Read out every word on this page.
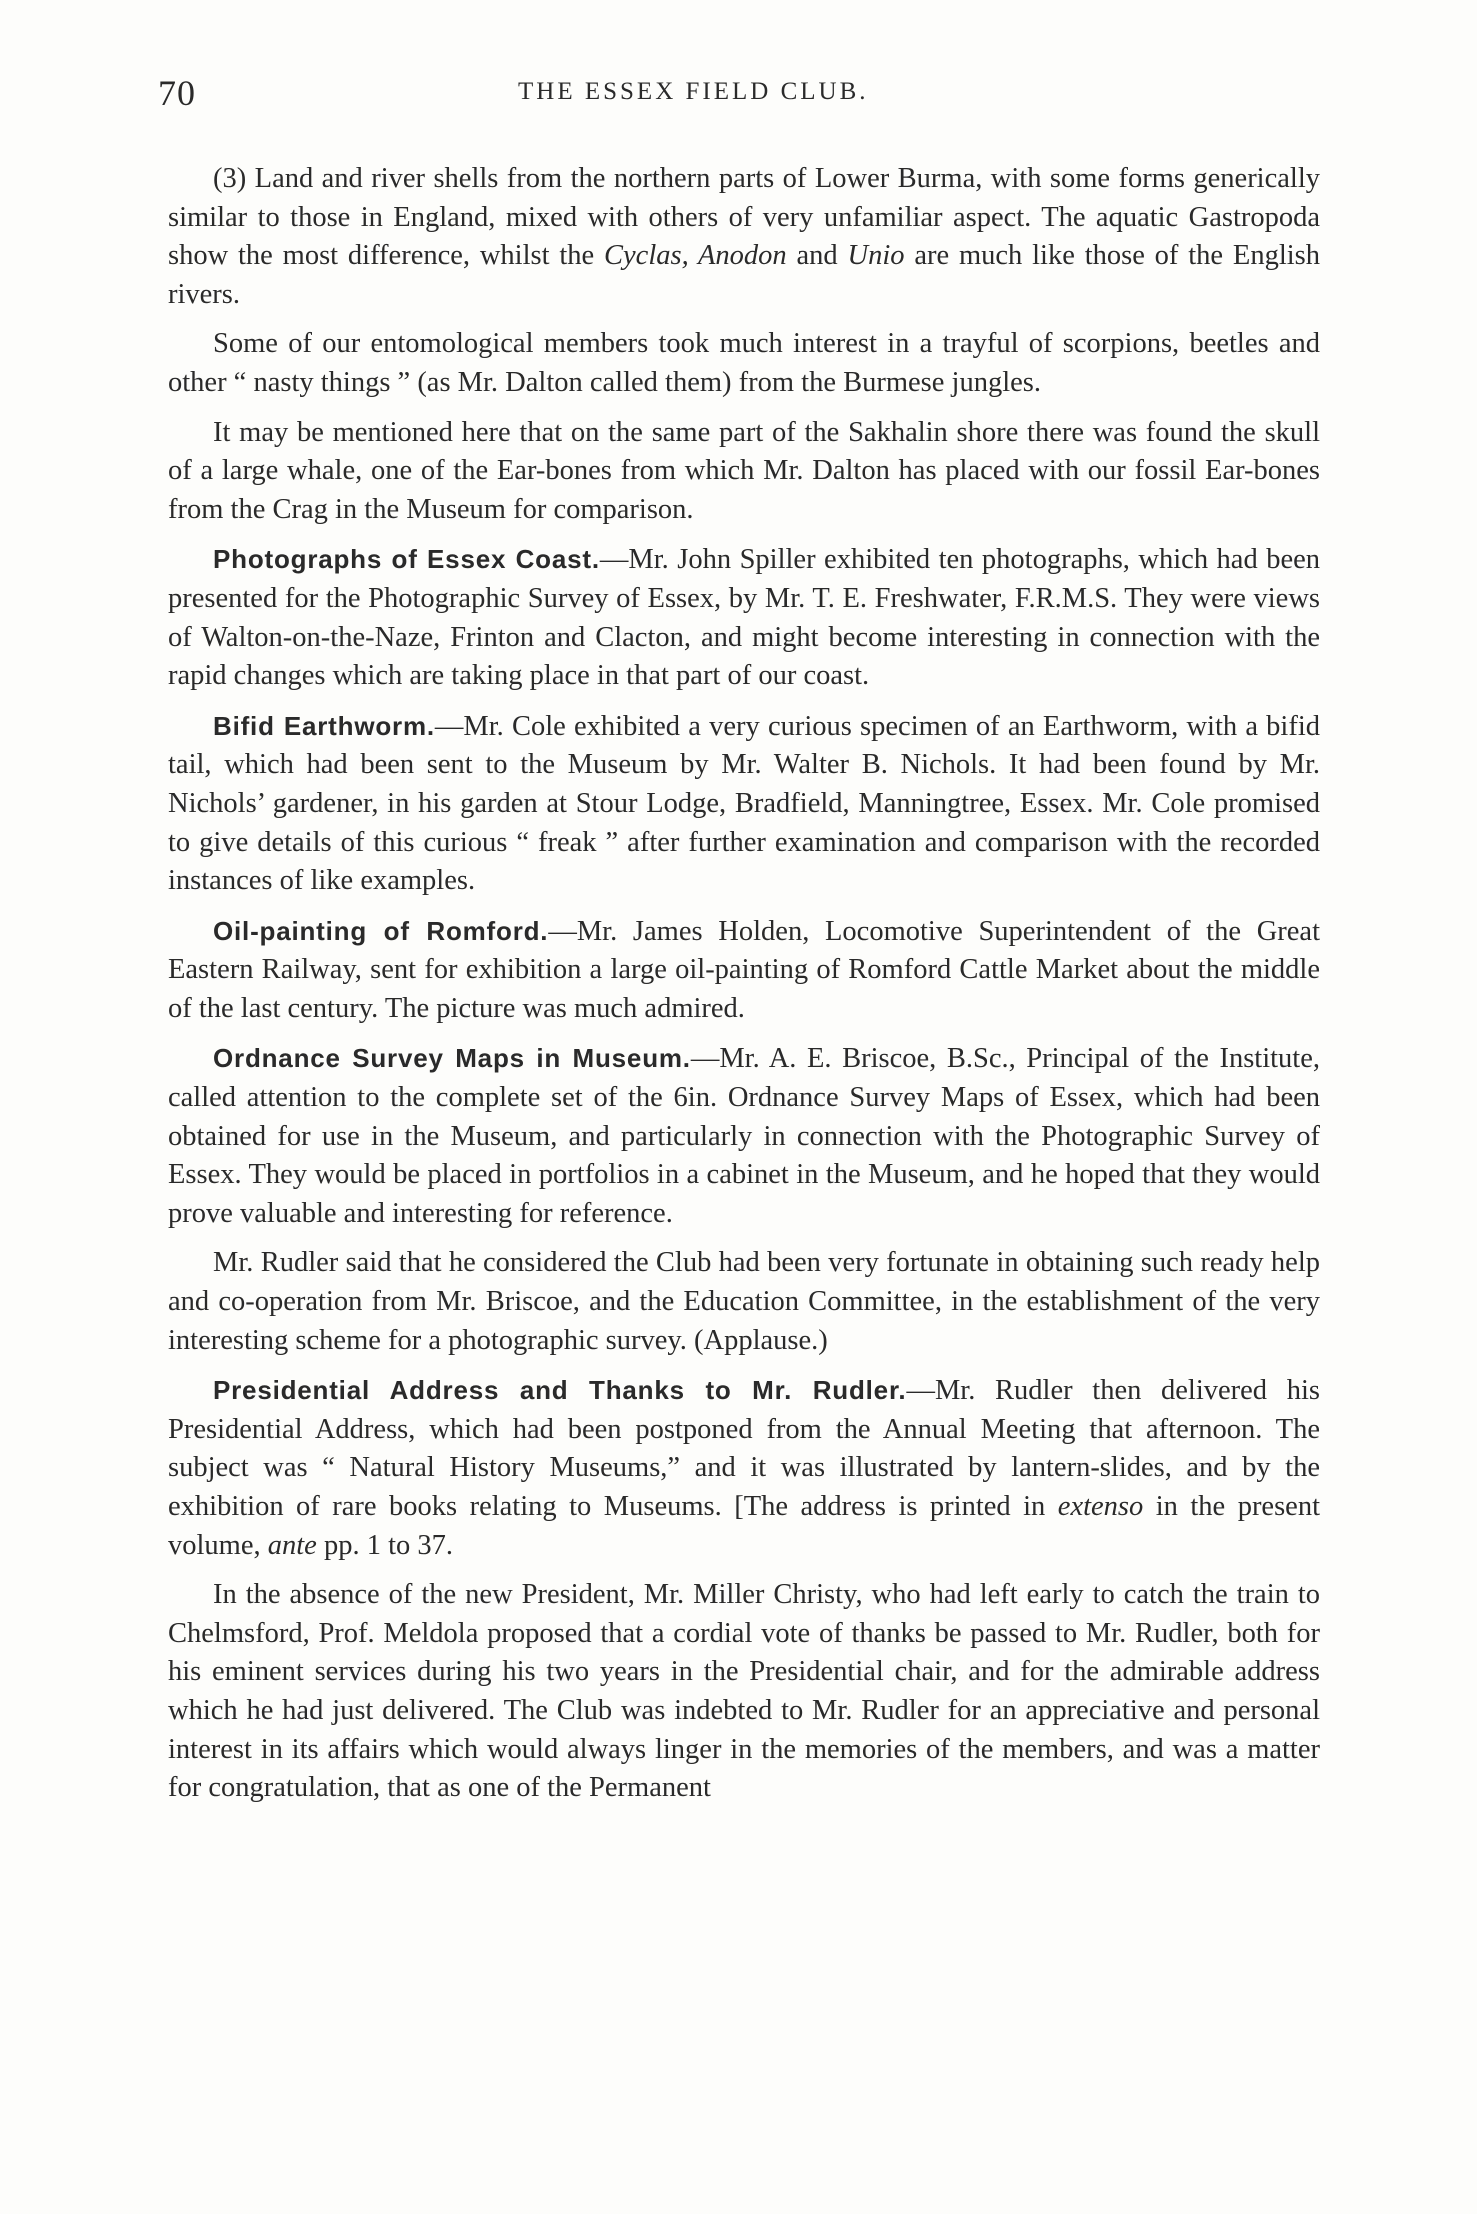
70	THE ESSEX FIELD CLUB.

(3) Land and river shells from the northern parts of Lower Burma, with some forms generically similar to those in England, mixed with others of very unfamiliar aspect. The aquatic Gastropoda show the most difference, whilst the Cyclas, Anodon and Unio are much like those of the English rivers.

Some of our entomological members took much interest in a trayful of scorpions, beetles and other “ nasty things ” (as Mr. Dalton called them) from the Burmese jungles.

It may be mentioned here that on the same part of the Sakhalin shore there was found the skull of a large whale, one of the Ear-bones from which Mr. Dalton has placed with our fossil Ear-bones from the Crag in the Museum for comparison.

Photographs of Essex Coast.—Mr. John Spiller exhibited ten photographs, which had been presented for the Photographic Survey of Essex, by Mr. T. E. Freshwater, F.R.M.S. They were views of Walton-on-the-Naze, Frinton and Clacton, and might become interesting in connection with the rapid changes which are taking place in that part of our coast.

Bifid Earthworm.—Mr. Cole exhibited a very curious specimen of an Earthworm, with a bifid tail, which had been sent to the Museum by Mr. Walter B. Nichols. It had been found by Mr. Nichols’ gardener, in his garden at Stour Lodge, Bradfield, Manningtree, Essex. Mr. Cole promised to give details of this curious “ freak ” after further examination and comparison with the recorded instances of like examples.

Oil-painting of Romford.—Mr. James Holden, Locomotive Superintendent of the Great Eastern Railway, sent for exhibition a large oil-painting of Romford Cattle Market about the middle of the last century. The picture was much admired.

Ordnance Survey Maps in Museum.—Mr. A. E. Briscoe, B.Sc., Principal of the Institute, called attention to the complete set of the 6in. Ordnance Survey Maps of Essex, which had been obtained for use in the Museum, and particularly in connection with the Photographic Survey of Essex. They would be placed in portfolios in a cabinet in the Museum, and he hoped that they would prove valuable and interesting for reference.

Mr. Rudler said that he considered the Club had been very fortunate in obtaining such ready help and co-operation from Mr. Briscoe, and the Education Committee, in the establishment of the very interesting scheme for a photographic survey. (Applause.)

Presidential Address and Thanks to Mr. Rudler.—Mr. Rudler then delivered his Presidential Address, which had been postponed from the Annual Meeting that afternoon. The subject was “ Natural History Museums,” and it was illustrated by lantern-slides, and by the exhibition of rare books relating to Museums. [The address is printed in extenso in the present volume, ante pp. 1 to 37.

In the absence of the new President, Mr. Miller Christy, who had left early to catch the train to Chelmsford, Prof. Meldola proposed that a cordial vote of thanks be passed to Mr. Rudler, both for his eminent services during his two years in the Presidential chair, and for the admirable address which he had just delivered. The Club was indebted to Mr. Rudler for an appreciative and personal interest in its affairs which would always linger in the memories of the members, and was a matter for congratulation, that as one of the Permanent
